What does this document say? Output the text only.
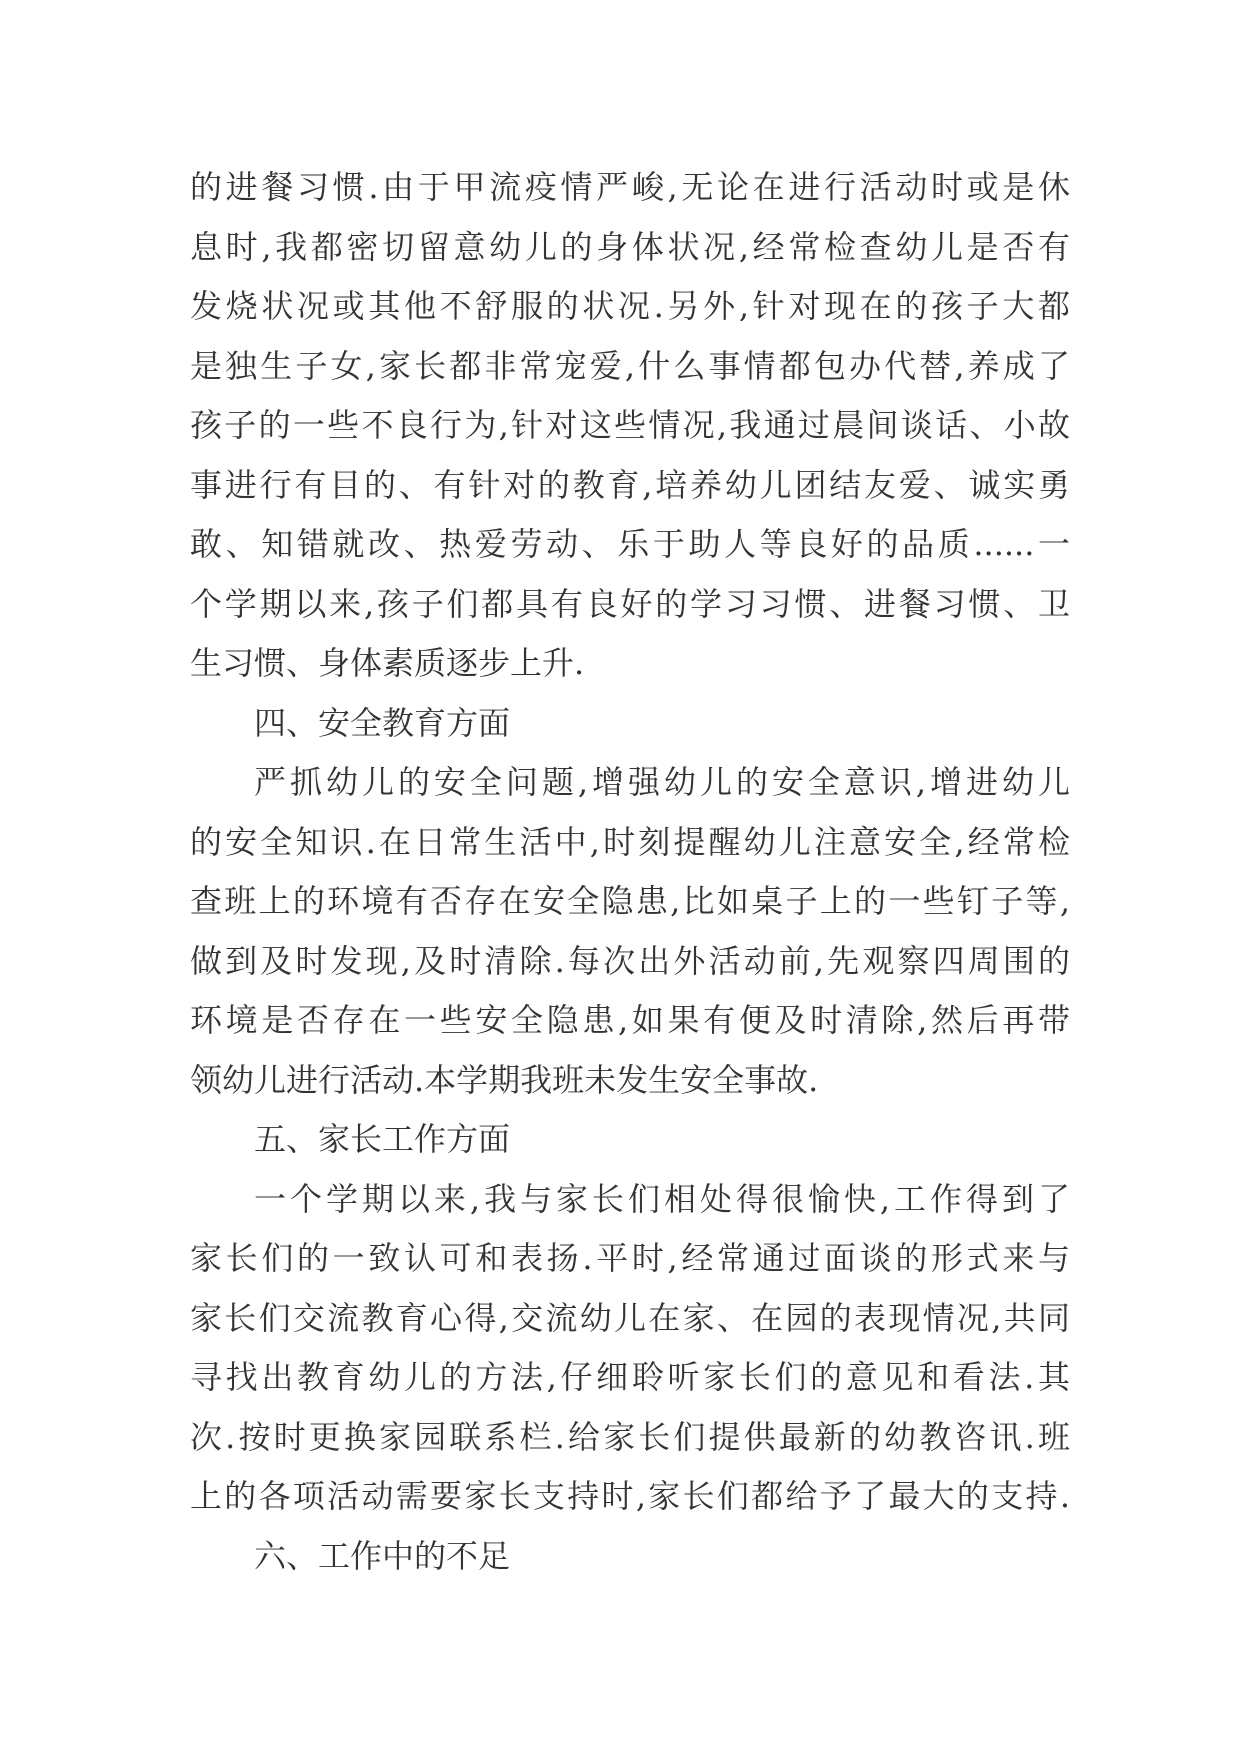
的进餐习惯.由于甲流疫情严峻,无论在进行活动时或是休
息时,我都密切留意幼儿的身体状况,经常检查幼儿是否有
发烧状况或其他不舒服的状况.另外,针对现在的孩子大都
是独生子女,家长都非常宠爱,什么事情都包办代替,养成了
孩子的一些不良行为,针对这些情况,我通过晨间谈话、小故
事进行有目的、有针对的教育,培养幼儿团结友爱、诚实勇
敢、知错就改、热爱劳动、乐于助人等良好的品质......一
个学期以来,孩子们都具有良好的学习习惯、进餐习惯、卫
生习惯、身体素质逐步上升.
四、安全教育方面
严抓幼儿的安全问题,增强幼儿的安全意识,增进幼儿
的安全知识.在日常生活中,时刻提醒幼儿注意安全,经常检
查班上的环境有否存在安全隐患,比如桌子上的一些钉子等,
做到及时发现,及时清除.每次出外活动前,先观察四周围的
环境是否存在一些安全隐患,如果有便及时清除,然后再带
领幼儿进行活动.本学期我班未发生安全事故.
五、家长工作方面
一个学期以来,我与家长们相处得很愉快,工作得到了
家长们的一致认可和表扬.平时,经常通过面谈的形式来与
家长们交流教育心得,交流幼儿在家、在园的表现情况,共同
寻找出教育幼儿的方法,仔细聆听家长们的意见和看法.其
次.按时更换家园联系栏.给家长们提供最新的幼教咨讯.班
上的各项活动需要家长支持时,家长们都给予了最大的支持.
六、工作中的不足
